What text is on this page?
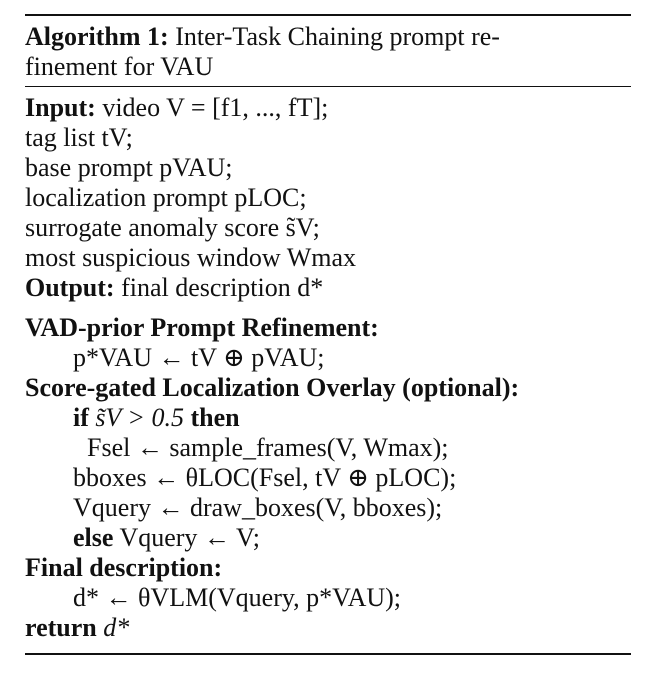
Algorithm 1: Inter-Task Chaining prompt re-
finement for VAU
Input: video V = [f1, ..., fT];
tag list tV;
base prompt pVAU;
localization prompt pLOC;
surrogate anomaly score s̃V;
most suspicious window Wmax
Output: final description d*
VAD-prior Prompt Refinement:
p*VAU ← tV ⊕ pVAU;
Score-gated Localization Overlay (optional):
if s̃V > 0.5 then
Fsel ← sample_frames(V, Wmax);
bboxes ← θLOC(Fsel, tV ⊕ pLOC);
Vquery ← draw_boxes(V, bboxes);
else Vquery ← V;
Final description:
d* ← θVLM(Vquery, p*VAU);
return d*
